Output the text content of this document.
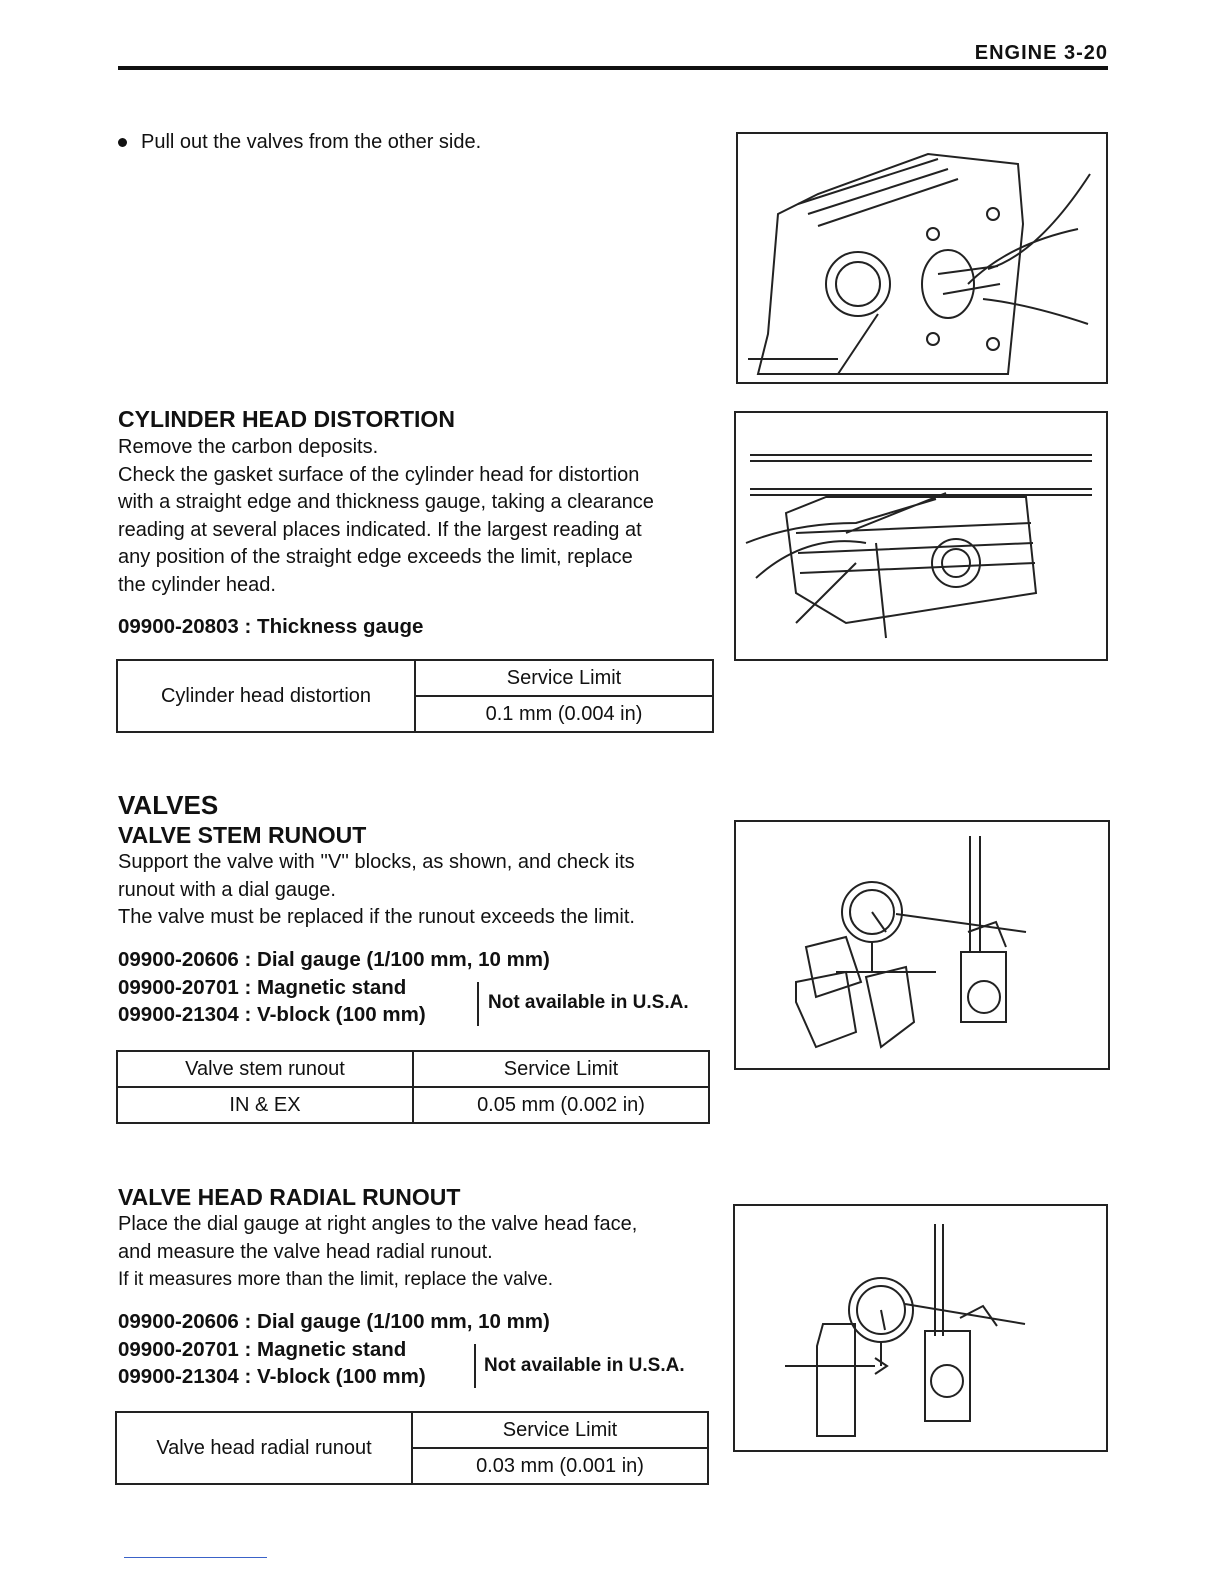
ENGINE 3-20
Pull out the valves from the other side.
CYLINDER HEAD DISTORTION
Remove the carbon deposits.
Check the gasket surface of the cylinder head for distortion
with a straight edge and thickness gauge, taking a clearance
reading at several places indicated. If the largest reading at
any position of the straight edge exceeds the limit, replace
the cylinder head.
09900-20803 : Thickness gauge
Cylinder head distortion	Service Limit
0.1 mm (0.004 in)
VALVES
VALVE STEM RUNOUT
Support the valve with ''V'' blocks, as shown, and check its
runout with a dial gauge.
The valve must be replaced if the runout exceeds the limit.
09900-20606 : Dial gauge (1/100 mm, 10 mm)
09900-20701 : Magnetic stand
09900-21304 : V-block (100 mm)
Not available in U.S.A.
Valve stem runout	Service Limit
IN & EX	0.05 mm (0.002 in)
VALVE HEAD RADIAL RUNOUT
Place the dial gauge at right angles to the valve head face,
and measure the valve head radial runout.
If it measures more than the limit, replace the valve.
09900-20606 : Dial gauge (1/100 mm, 10 mm)
09900-20701 : Magnetic stand
09900-21304 : V-block (100 mm)	Not available in U.S.A.
Valve head radial runout	Service Limit
0.03 mm (0.001 in)
